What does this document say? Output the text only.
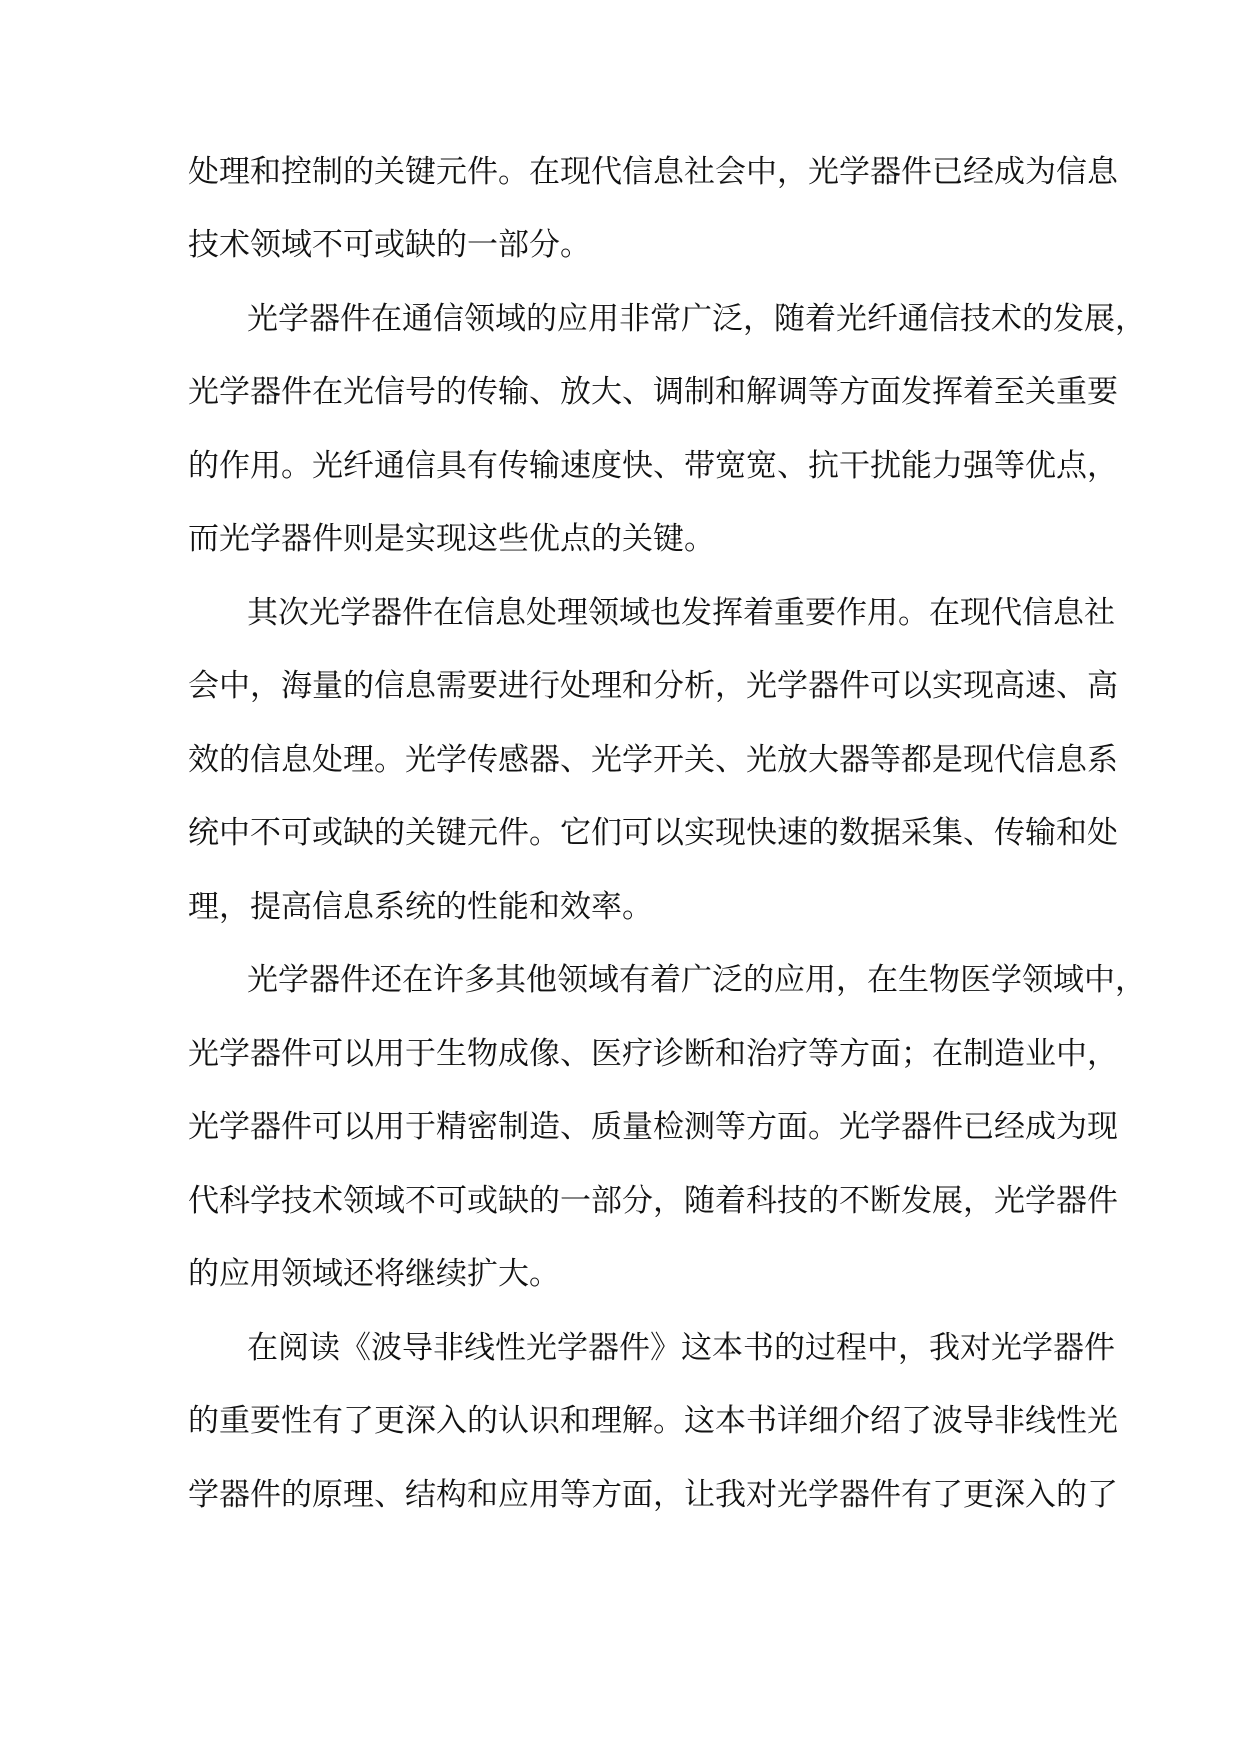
处理和控制的关键元件。在现代信息社会中，光学器件已经成为信息
技术领域不可或缺的一部分。
光学器件在通信领域的应用非常广泛，随着光纤通信技术的发展，
光学器件在光信号的传输、放大、调制和解调等方面发挥着至关重要
的作用。光纤通信具有传输速度快、带宽宽、抗干扰能力强等优点，
而光学器件则是实现这些优点的关键。
其次光学器件在信息处理领域也发挥着重要作用。在现代信息社
会中，海量的信息需要进行处理和分析，光学器件可以实现高速、高
效的信息处理。光学传感器、光学开关、光放大器等都是现代信息系
统中不可或缺的关键元件。它们可以实现快速的数据采集、传输和处
理，提高信息系统的性能和效率。
光学器件还在许多其他领域有着广泛的应用，在生物医学领域中，
光学器件可以用于生物成像、医疗诊断和治疗等方面；在制造业中，
光学器件可以用于精密制造、质量检测等方面。光学器件已经成为现
代科学技术领域不可或缺的一部分，随着科技的不断发展，光学器件
的应用领域还将继续扩大。
在阅读《波导非线性光学器件》这本书的过程中，我对光学器件
的重要性有了更深入的认识和理解。这本书详细介绍了波导非线性光
学器件的原理、结构和应用等方面，让我对光学器件有了更深入的了
